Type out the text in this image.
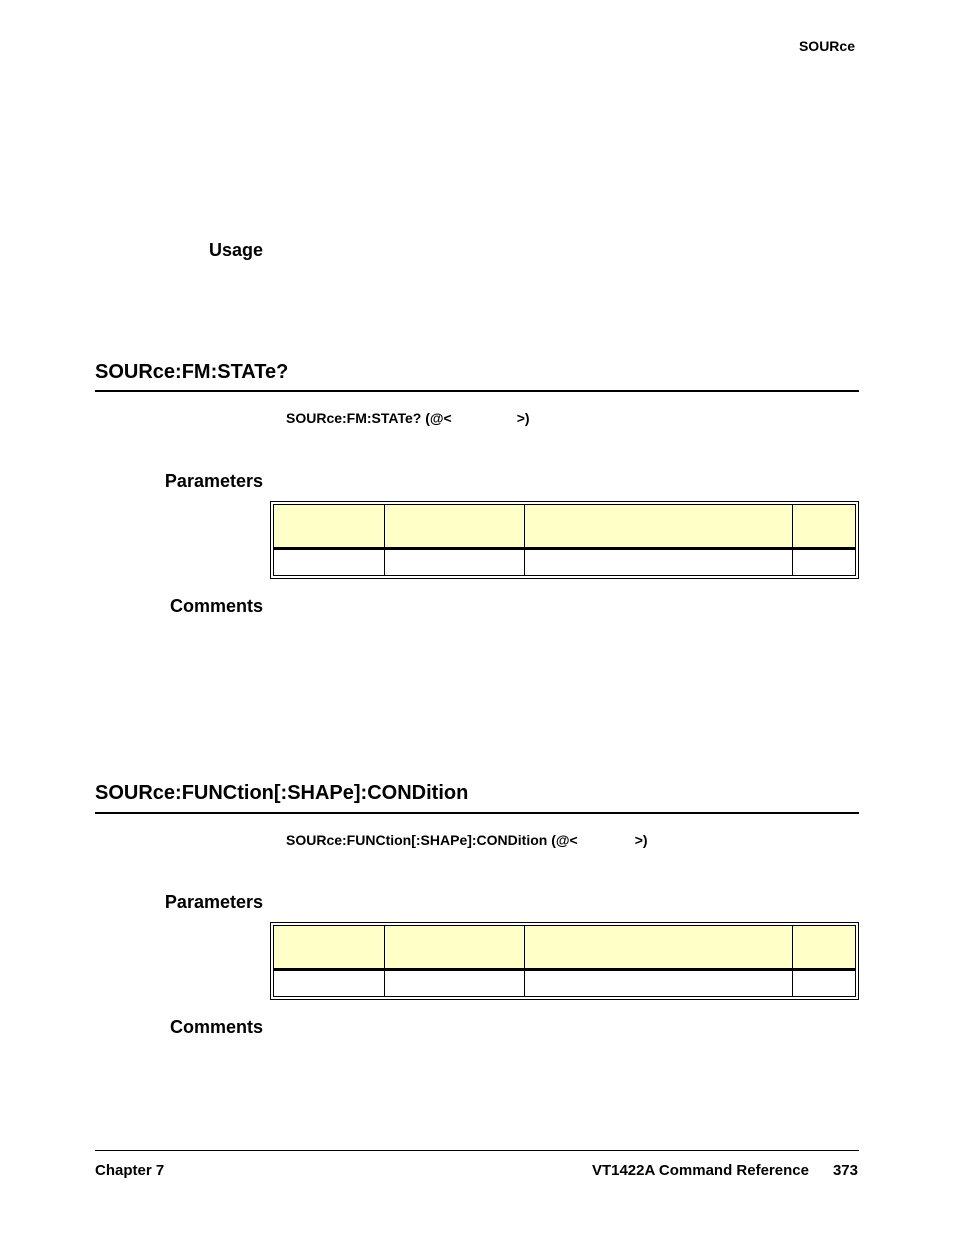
SOURce
Usage
SOURce:FM:STATe?
SOURce:FM:STATe? (@<	>)
Parameters

Comments
SOURce:FUNCtion[:SHAPe]:CONDition
SOURce:FUNCtion[:SHAPe]:CONDition (@<	>)
Parameters

Comments
Chapter 7	VT1422A Command Reference 373
